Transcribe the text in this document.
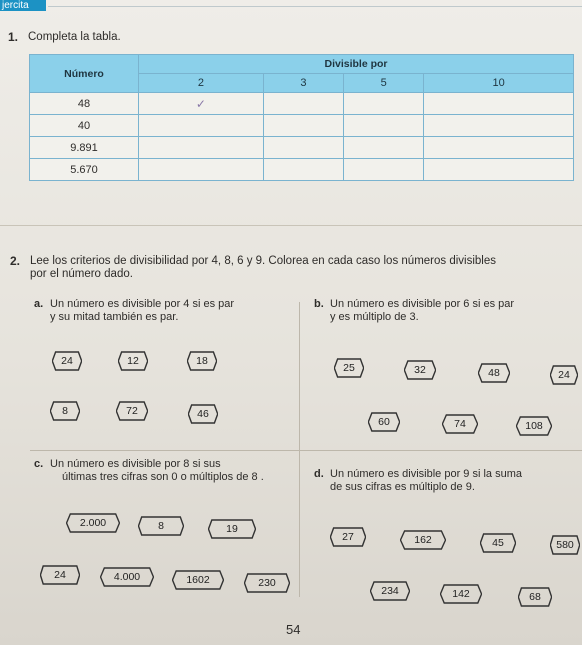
jercita
1. Completa la tabla.
Número	Divisible por			
	2	3	5	10
48	✓			
40				
9.891				
5.670				
2. Lee los criterios de divisibilidad por 4, 8, 6 y 9. Colorea en cada caso los números divisibles
por el número dado.
a. Un número es divisible por 4 si es par
y su mitad también es par.
b. Un número es divisible por 6 si es par
y es múltiplo de 3.
c. Un número es divisible por 8 si sus
últimas tres cifras son 0 o múltiplos de 8 .	d. Un número es divisible por 9 si la suma
de sus cifras es múltiplo de 9.
24	12	18
8	72	46
25	32	48	24
60	74	108
2.000	8	19
24	4.000	1602	230
27	162	45	580
234	142	68
54
